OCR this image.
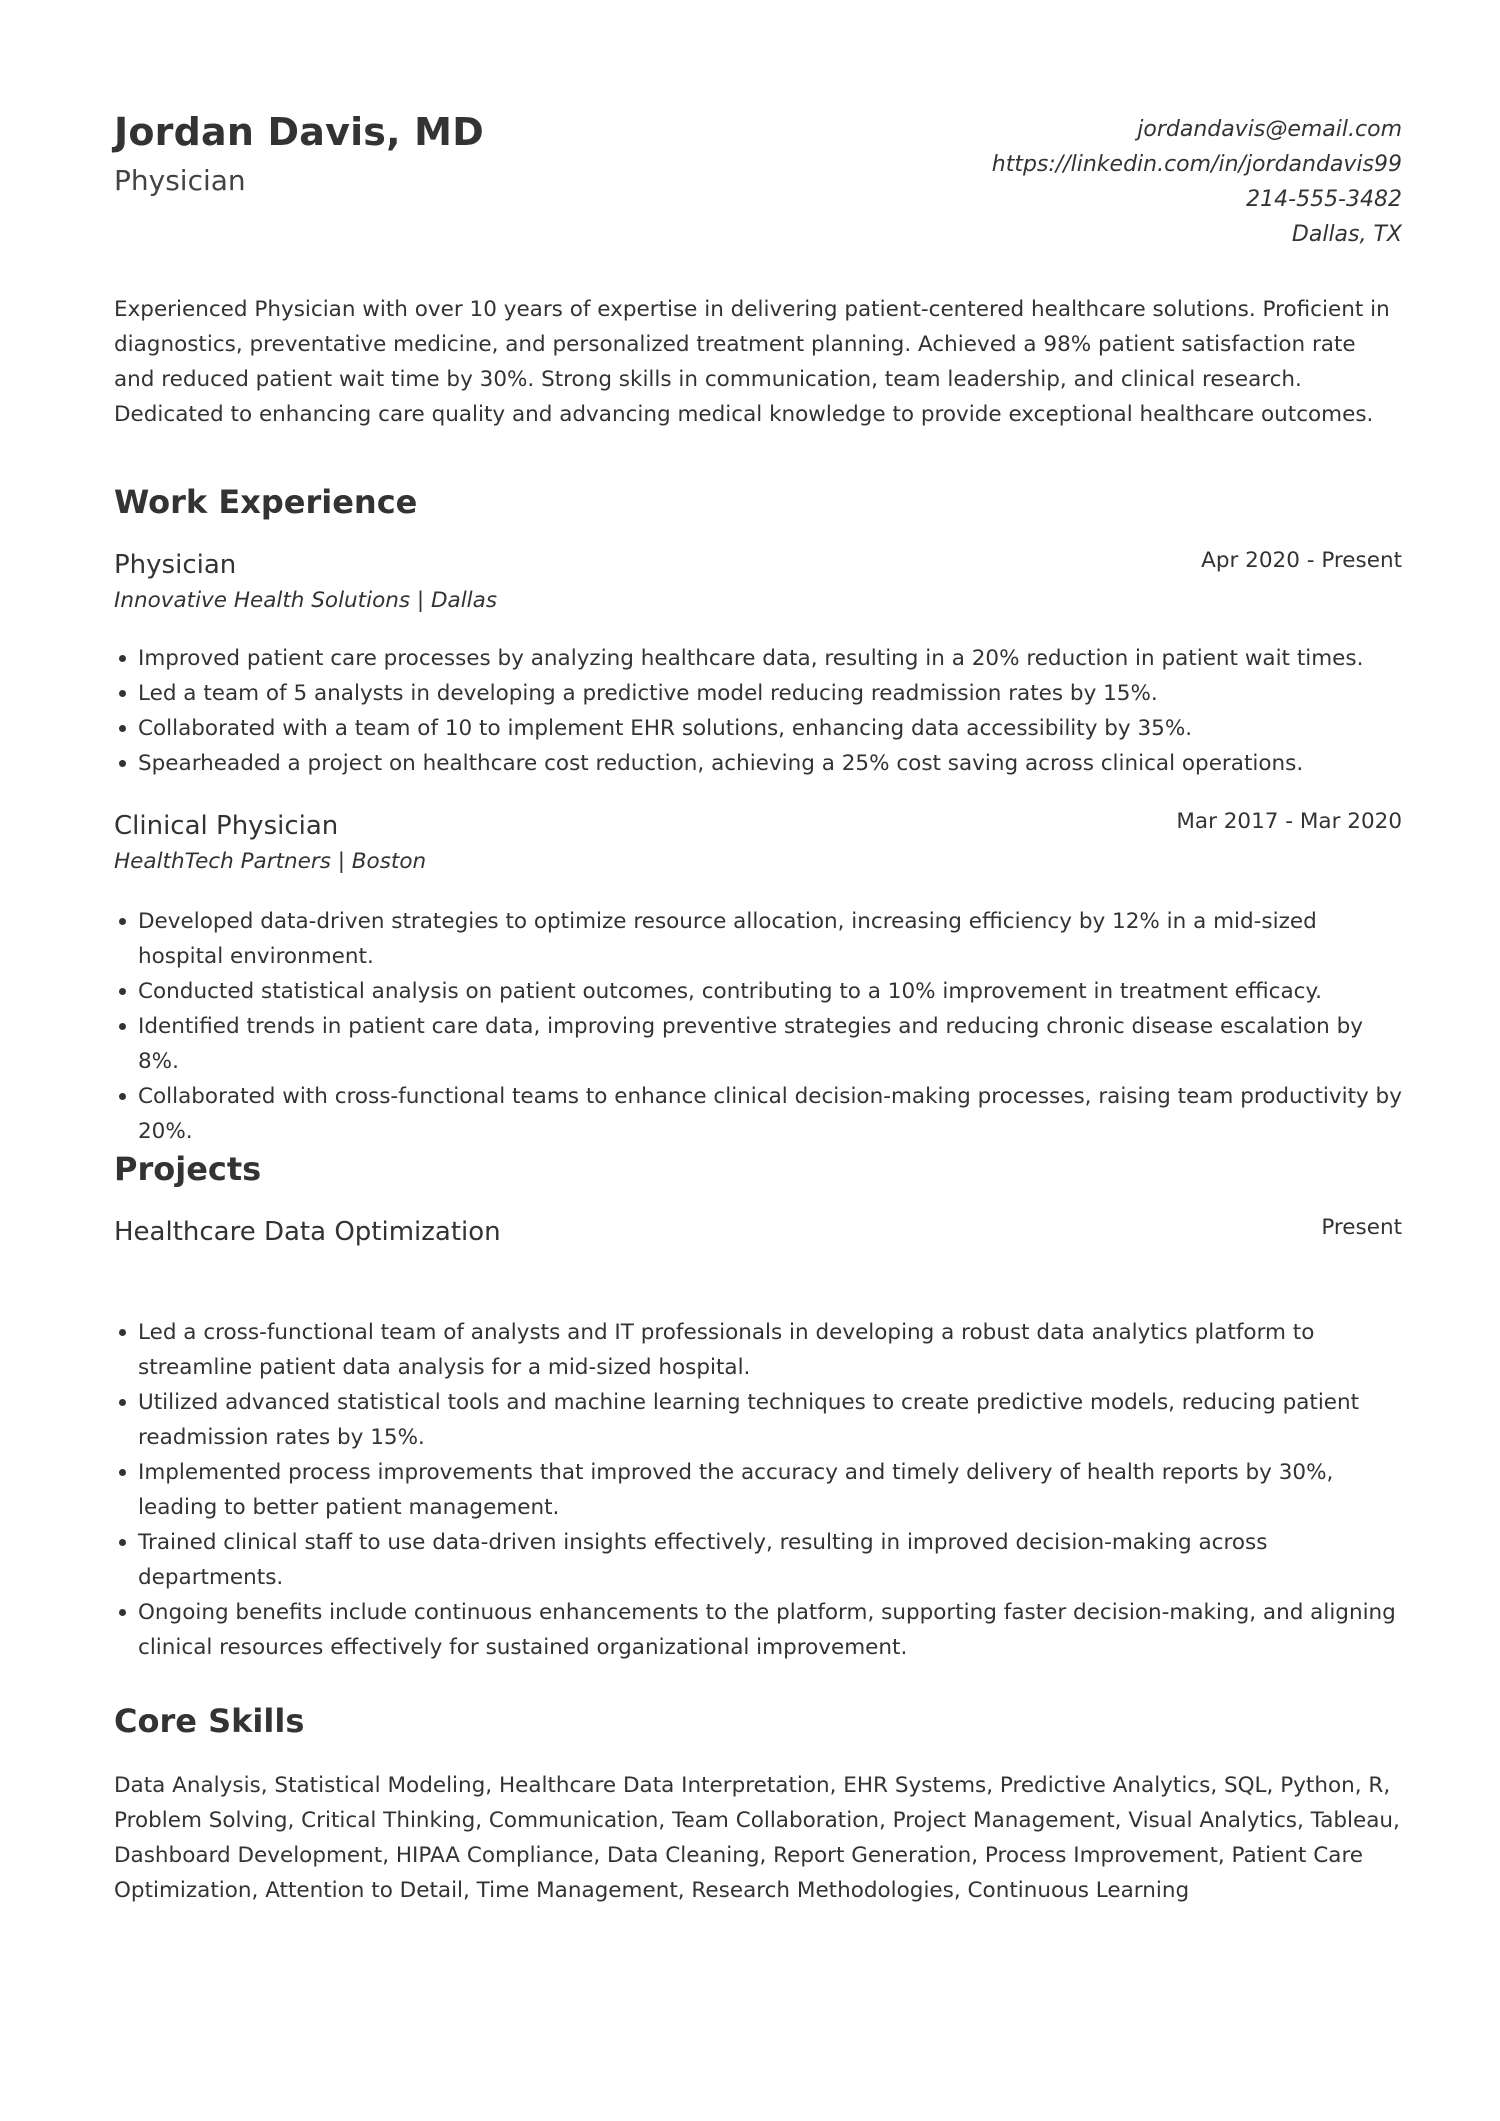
Jordan Davis, MD
Physician
jordandavis@email.com
https://linkedin.com/in/jordandavis99
214-555-3482
Dallas, TX

Experienced Physician with over 10 years of expertise in delivering patient-centered healthcare solutions. Proficient in diagnostics, preventative medicine, and personalized treatment planning. Achieved a 98% patient satisfaction rate and reduced patient wait time by 30%. Strong skills in communication, team leadership, and clinical research. Dedicated to enhancing care quality and advancing medical knowledge to provide exceptional healthcare outcomes.

Work Experience
Physician	Apr 2020 - Present
Innovative Health Solutions | Dallas
Improved patient care processes by analyzing healthcare data, resulting in a 20% reduction in patient wait times.
Led a team of 5 analysts in developing a predictive model reducing readmission rates by 15%.
Collaborated with a team of 10 to implement EHR solutions, enhancing data accessibility by 35%.
Spearheaded a project on healthcare cost reduction, achieving a 25% cost saving across clinical operations.
Clinical Physician	Mar 2017 - Mar 2020
HealthTech Partners | Boston
Developed data-driven strategies to optimize resource allocation, increasing efficiency by 12% in a mid-sized hospital environment.
Conducted statistical analysis on patient outcomes, contributing to a 10% improvement in treatment efficacy.
Identified trends in patient care data, improving preventive strategies and reducing chronic disease escalation by 8%.
Collaborated with cross-functional teams to enhance clinical decision-making processes, raising team productivity by 20%.
Projects
Healthcare Data Optimization	Present
Led a cross-functional team of analysts and IT professionals in developing a robust data analytics platform to streamline patient data analysis for a mid-sized hospital.
Utilized advanced statistical tools and machine learning techniques to create predictive models, reducing patient readmission rates by 15%.
Implemented process improvements that improved the accuracy and timely delivery of health reports by 30%, leading to better patient management.
Trained clinical staff to use data-driven insights effectively, resulting in improved decision-making across departments.
Ongoing benefits include continuous enhancements to the platform, supporting faster decision-making, and aligning clinical resources effectively for sustained organizational improvement.
Core Skills

Data Analysis, Statistical Modeling, Healthcare Data Interpretation, EHR Systems, Predictive Analytics, SQL, Python, R, Problem Solving, Critical Thinking, Communication, Team Collaboration, Project Management, Visual Analytics, Tableau, Dashboard Development, HIPAA Compliance, Data Cleaning, Report Generation, Process Improvement, Patient Care Optimization, Attention to Detail, Time Management, Research Methodologies, Continuous Learning
